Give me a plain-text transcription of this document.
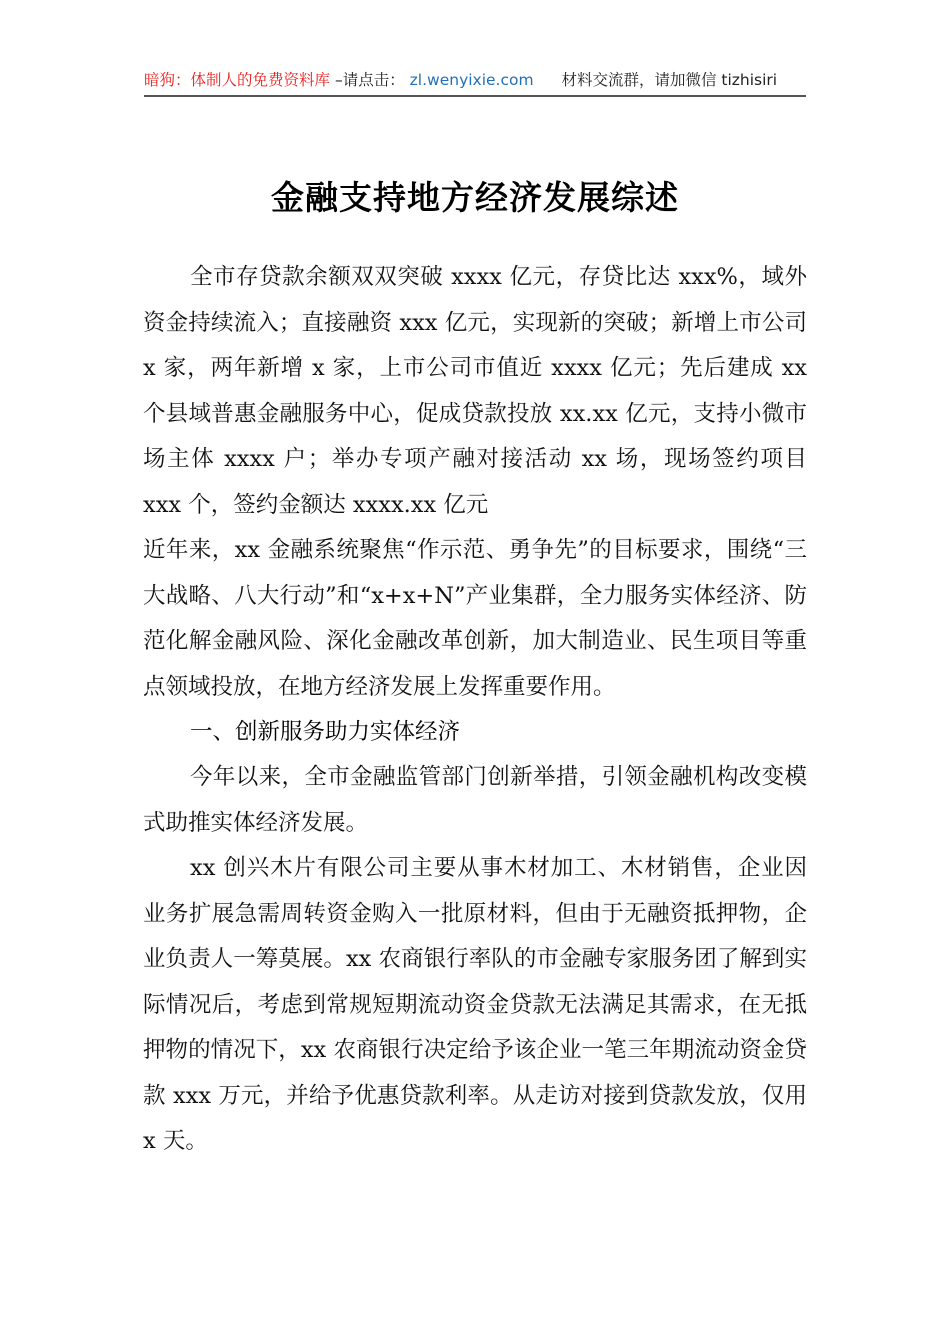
暗狗：体制人的免费资料库 –请点击： zl.wenyixie.com 材料交流群，请加微信 tizhisiri
金融支持地方经济发展综述

全市存贷款余额双双突破 xxxx 亿元，存贷比达 xxx%，域外资金持续流入；直接融资 xxx 亿元，实现新的突破；新增上市公司 x 家，两年新增 x 家，上市公司市值近 xxxx 亿元；先后建成 xx 个县域普惠金融服务中心，促成贷款投放 xx.xx 亿元，支持小微市场主体 xxxx 户；举办专项产融对接活动 xx 场，现场签约项目 xxx 个，签约金额达 xxxx.xx 亿元

近年来，xx 金融系统聚焦“作示范、勇争先”的目标要求，围绕“三大战略、八大行动”和“x+x+N”产业集群，全力服务实体经济、防范化解金融风险、深化金融改革创新，加大制造业、民生项目等重点领域投放，在地方经济发展上发挥重要作用。

一、创新服务助力实体经济

今年以来，全市金融监管部门创新举措，引领金融机构改变模式助推实体经济发展。

xx 创兴木片有限公司主要从事木材加工、木材销售，企业因业务扩展急需周转资金购入一批原材料，但由于无融资抵押物，企业负责人一筹莫展。xx 农商银行率队的市金融专家服务团了解到实际情况后，考虑到常规短期流动资金贷款无法满足其需求，在无抵押物的情况下，xx 农商银行决定给予该企业一笔三年期流动资金贷款 xxx 万元，并给予优惠贷款利率。从走访对接到贷款发放，仅用 x 天。
